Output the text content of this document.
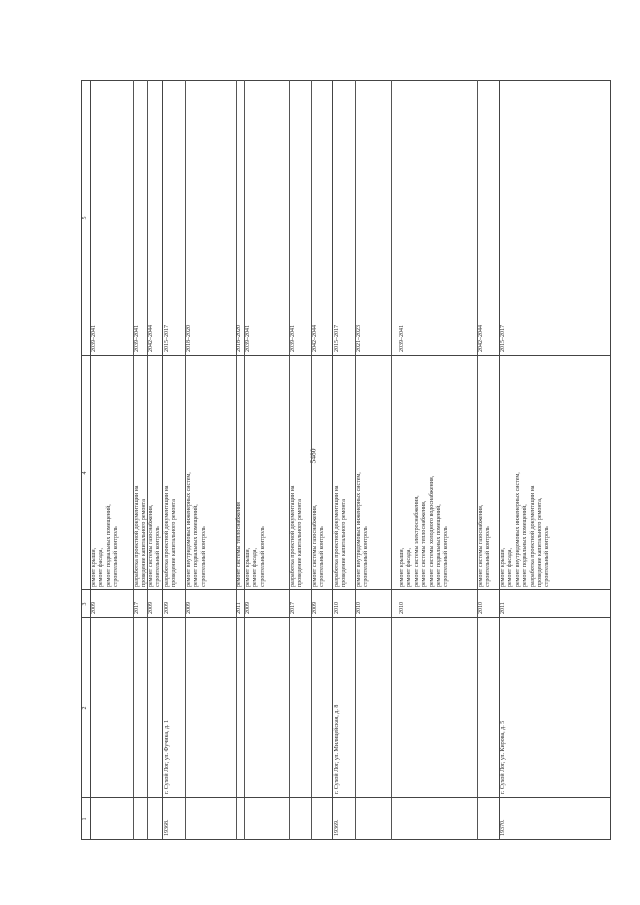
5480
1
2
3
4
5
2009
ремонт крыши, ремонт фасада, ремонт подвальных помещений, строительный контроль
2039–2041
2017
разработка проектной документации на проведение капитального ремонта
2039–2041
2009
ремонт системы газоснабжения, строительный контроль
2042–2044
19368.
г. Сухой Лог, ул. Фучика, д. 1
2009
разработка проектной документации на проведение капитального ремонта
2015–2017
2009
ремонт внутридомовых инженерных систем, ремонт подвальных помещений, строительный контроль
2018–2020
2011
ремонт системы теплоснабжения
2018–2020
2009
ремонт крыши, ремонт фасада, строительный контроль
2039–2041
2017
разработка проектной документации на проведение капитального ремонта
2039–2041
2009
ремонт системы газоснабжения, строительный контроль
2042–2044
19369.
г. Сухой Лог, ул. Милицейская, д. 8
2010
разработка проектной документации на проведение капитального ремонта
2015–2017
2010
ремонт внутридомовых инженерных систем, строительный контроль
2021–2023
2010
ремонт крыши, ремонт фасада, ремонт системы электроснабжения, ремонт системы теплоснабжения, ремонт системы холодного водоснабжения, ремонт подвальных помещений, строительный контроль
2039–2041
2010
ремонт системы газоснабжения, строительный контроль
2042–2044
19370.
г. Сухой Лог, ул. Кирова, д. 5
2011
ремонт крыши, ремонт фасада, ремонт внутридомовых инженерных систем, ремонт подвальных помещений, разработка проектной документации на проведение капитального ремонта, строительный контроль
2015–2017
